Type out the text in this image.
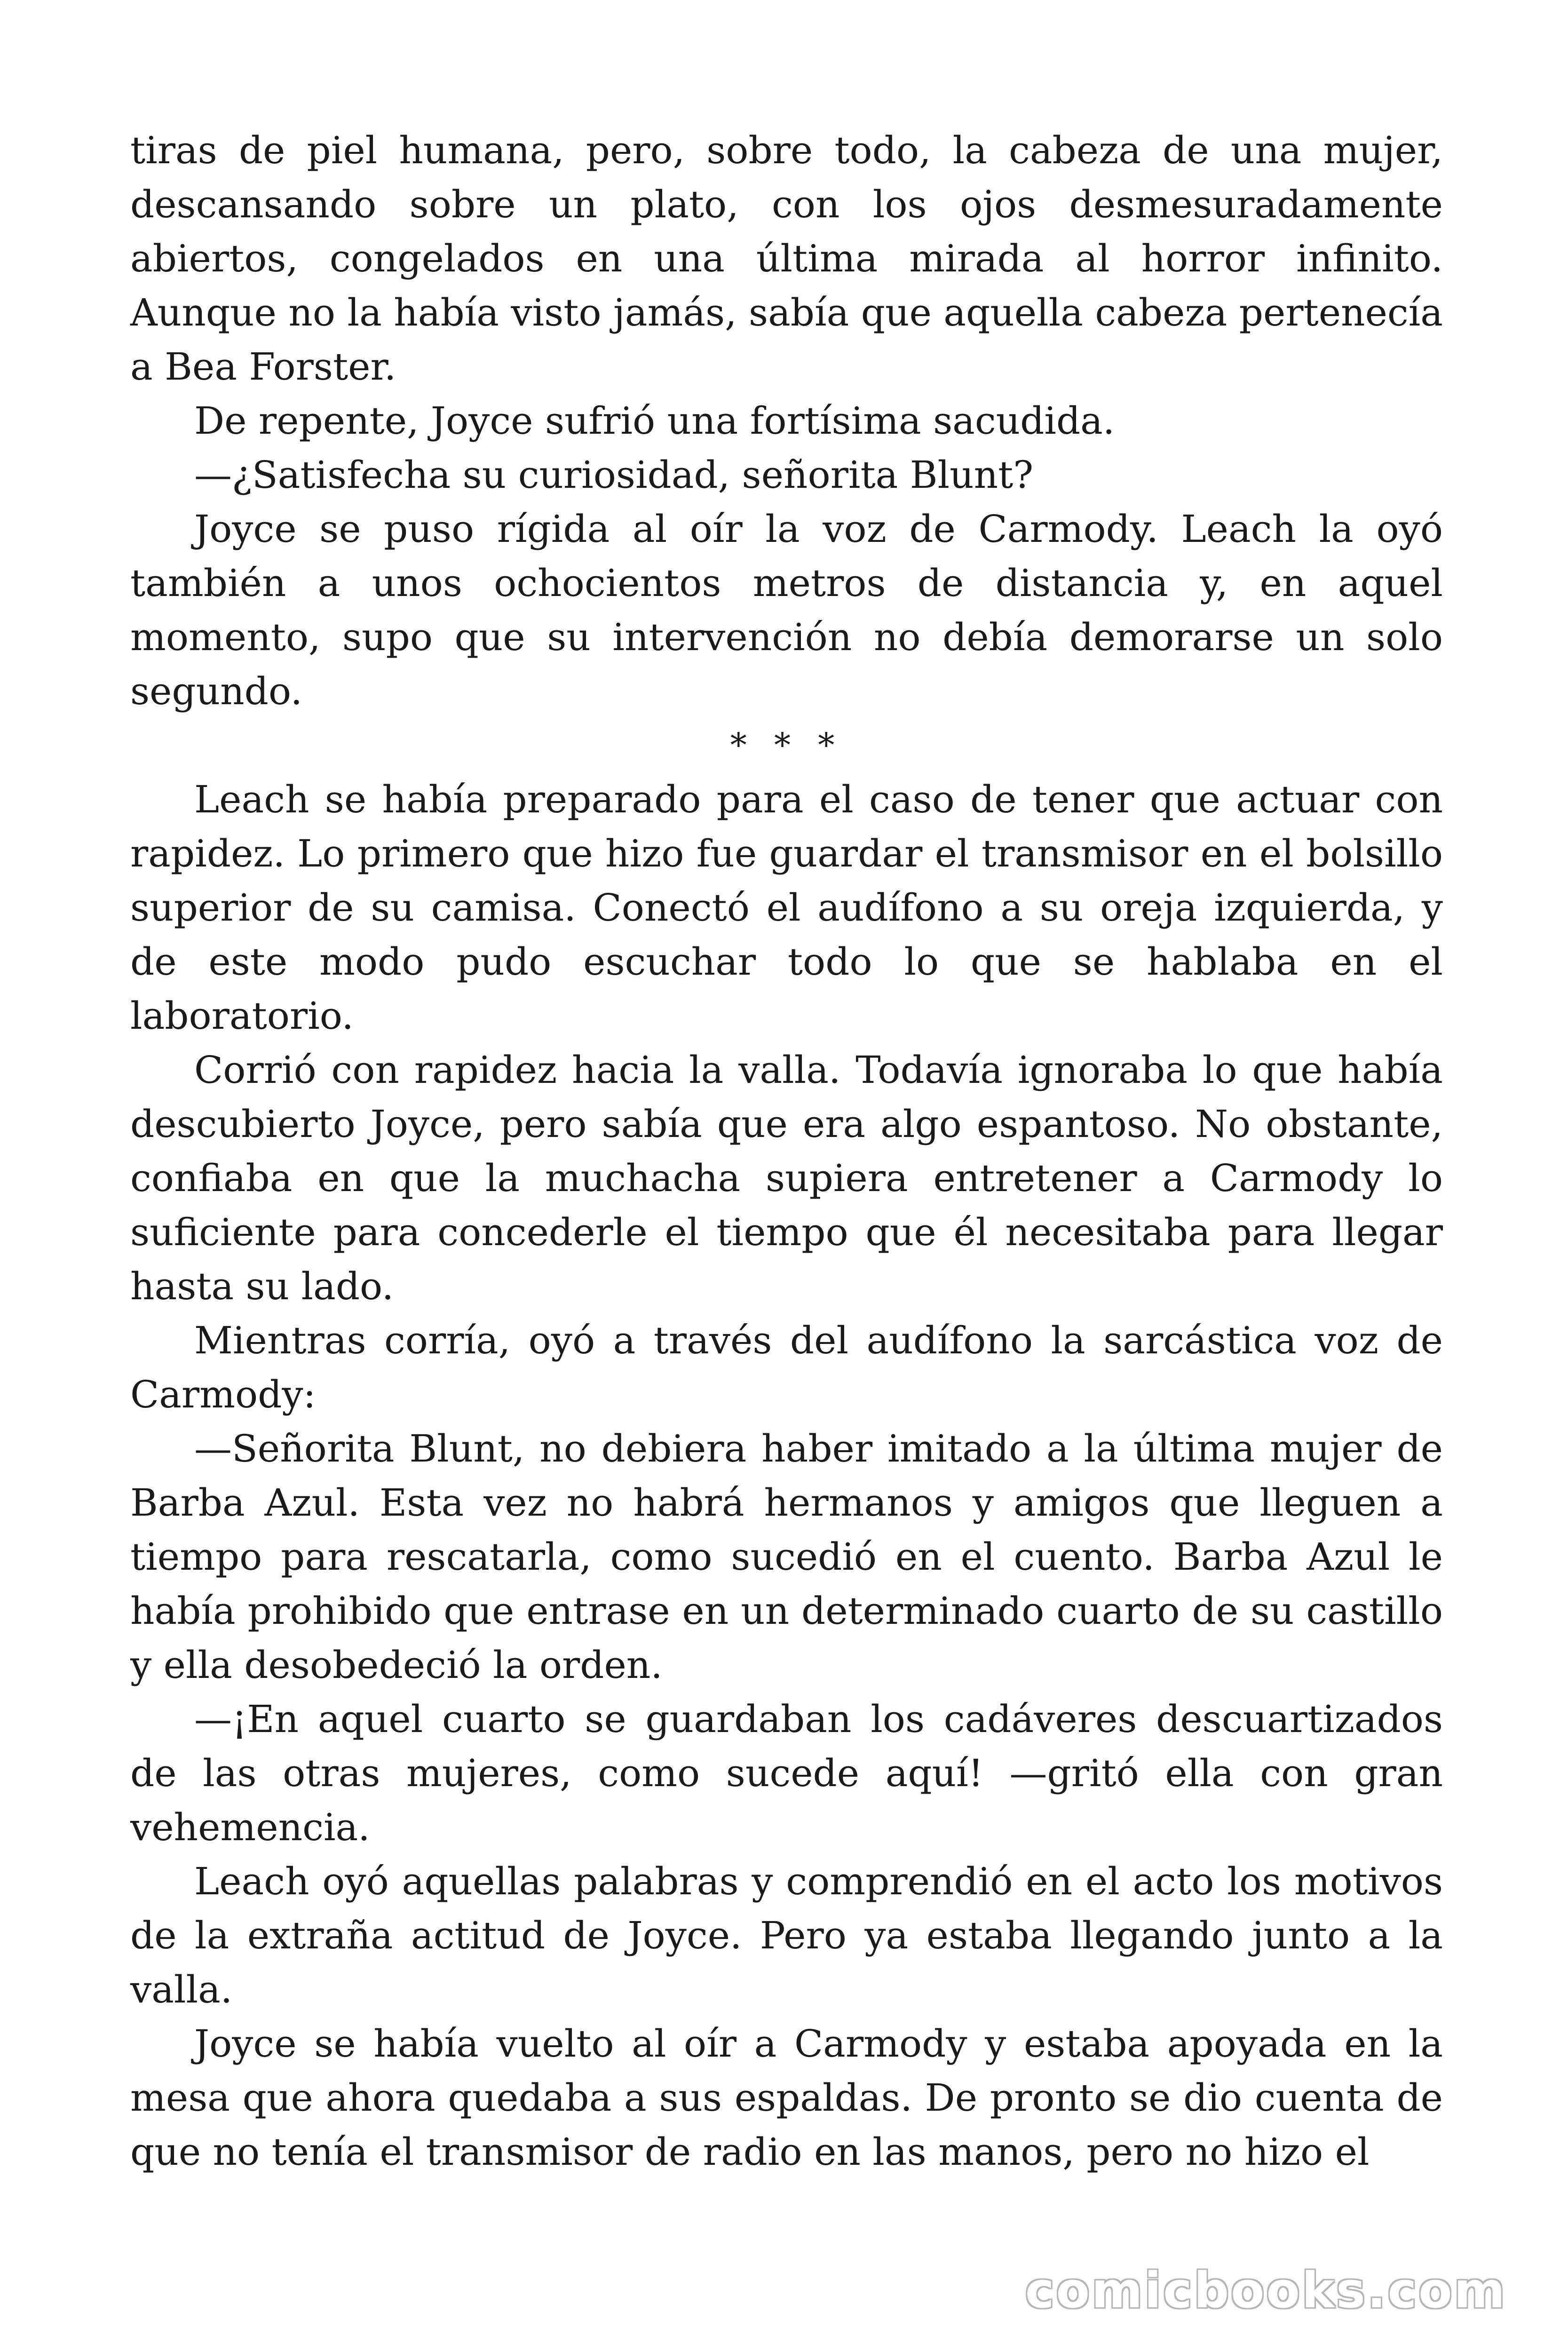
tiras de piel humana, pero, sobre todo, la cabeza de una mujer, descansando sobre un plato, con los ojos desmesuradamente abiertos, congelados en una última mirada al horror infinito. Aunque no la había visto jamás, sabía que aquella cabeza pertenecía a Bea Forster.

De repente, Joyce sufrió una fortísima sacudida.

—¿Satisfecha su curiosidad, señorita Blunt?

Joyce se puso rígida al oír la voz de Carmody. Leach la oyó también a unos ochocientos metros de distancia y, en aquel momento, supo que su intervención no debía demorarse un solo segundo.

* * *

Leach se había preparado para el caso de tener que actuar con rapidez. Lo primero que hizo fue guardar el transmisor en el bolsillo superior de su camisa. Conectó el audífono a su oreja izquierda, y de este modo pudo escuchar todo lo que se hablaba en el laboratorio.

Corrió con rapidez hacia la valla. Todavía ignoraba lo que había descubierto Joyce, pero sabía que era algo espantoso. No obstante, confiaba en que la muchacha supiera entretener a Carmody lo suficiente para concederle el tiempo que él necesitaba para llegar hasta su lado.

Mientras corría, oyó a través del audífono la sarcástica voz de Carmody:

—Señorita Blunt, no debiera haber imitado a la última mujer de Barba Azul. Esta vez no habrá hermanos y amigos que lleguen a tiempo para rescatarla, como sucedió en el cuento. Barba Azul le había prohibido que entrase en un determinado cuarto de su castillo y ella desobedeció la orden.

—¡En aquel cuarto se guardaban los cadáveres descuartizados de las otras mujeres, como sucede aquí! —gritó ella con gran vehemencia.

Leach oyó aquellas palabras y comprendió en el acto los motivos de la extraña actitud de Joyce. Pero ya estaba llegando junto a la valla.

Joyce se había vuelto al oír a Carmody y estaba apoyada en la mesa que ahora quedaba a sus espaldas. De pronto se dio cuenta de que no tenía el transmisor de radio en las manos, pero no hizo el

comicbooks.com
